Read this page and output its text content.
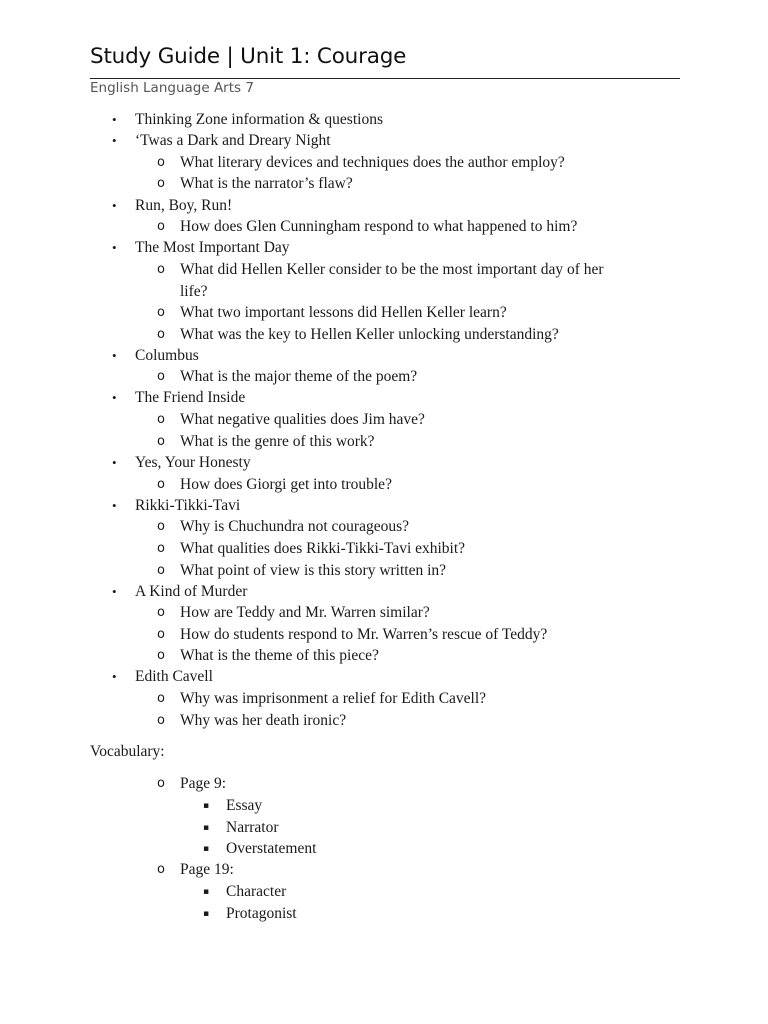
Study Guide | Unit 1: Courage
English Language Arts 7
• Thinking Zone information & questions
• ‘Twas a Dark and Dreary Night
o What literary devices and techniques does the author employ?
o What is the narrator’s flaw?
• Run, Boy, Run!
o How does Glen Cunningham respond to what happened to him?
• The Most Important Day
o What did Hellen Keller consider to be the most important day of her
life?
o What two important lessons did Hellen Keller learn?
o What was the key to Hellen Keller unlocking understanding?
• Columbus
o What is the major theme of the poem?
• The Friend Inside
o What negative qualities does Jim have?
o What is the genre of this work?
• Yes, Your Honesty
o How does Giorgi get into trouble?
• Rikki-Tikki-Tavi
o Why is Chuchundra not courageous?
o What qualities does Rikki-Tikki-Tavi exhibit?
o What point of view is this story written in?
• A Kind of Murder
o How are Teddy and Mr. Warren similar?
o How do students respond to Mr. Warren’s rescue of Teddy?
o What is the theme of this piece?
• Edith Cavell
o Why was imprisonment a relief for Edith Cavell?
o Why was her death ironic?
Vocabulary:
o Page 9:
▪ Essay
▪ Narrator
▪ Overstatement
o Page 19:
▪ Character
▪ Protagonist
